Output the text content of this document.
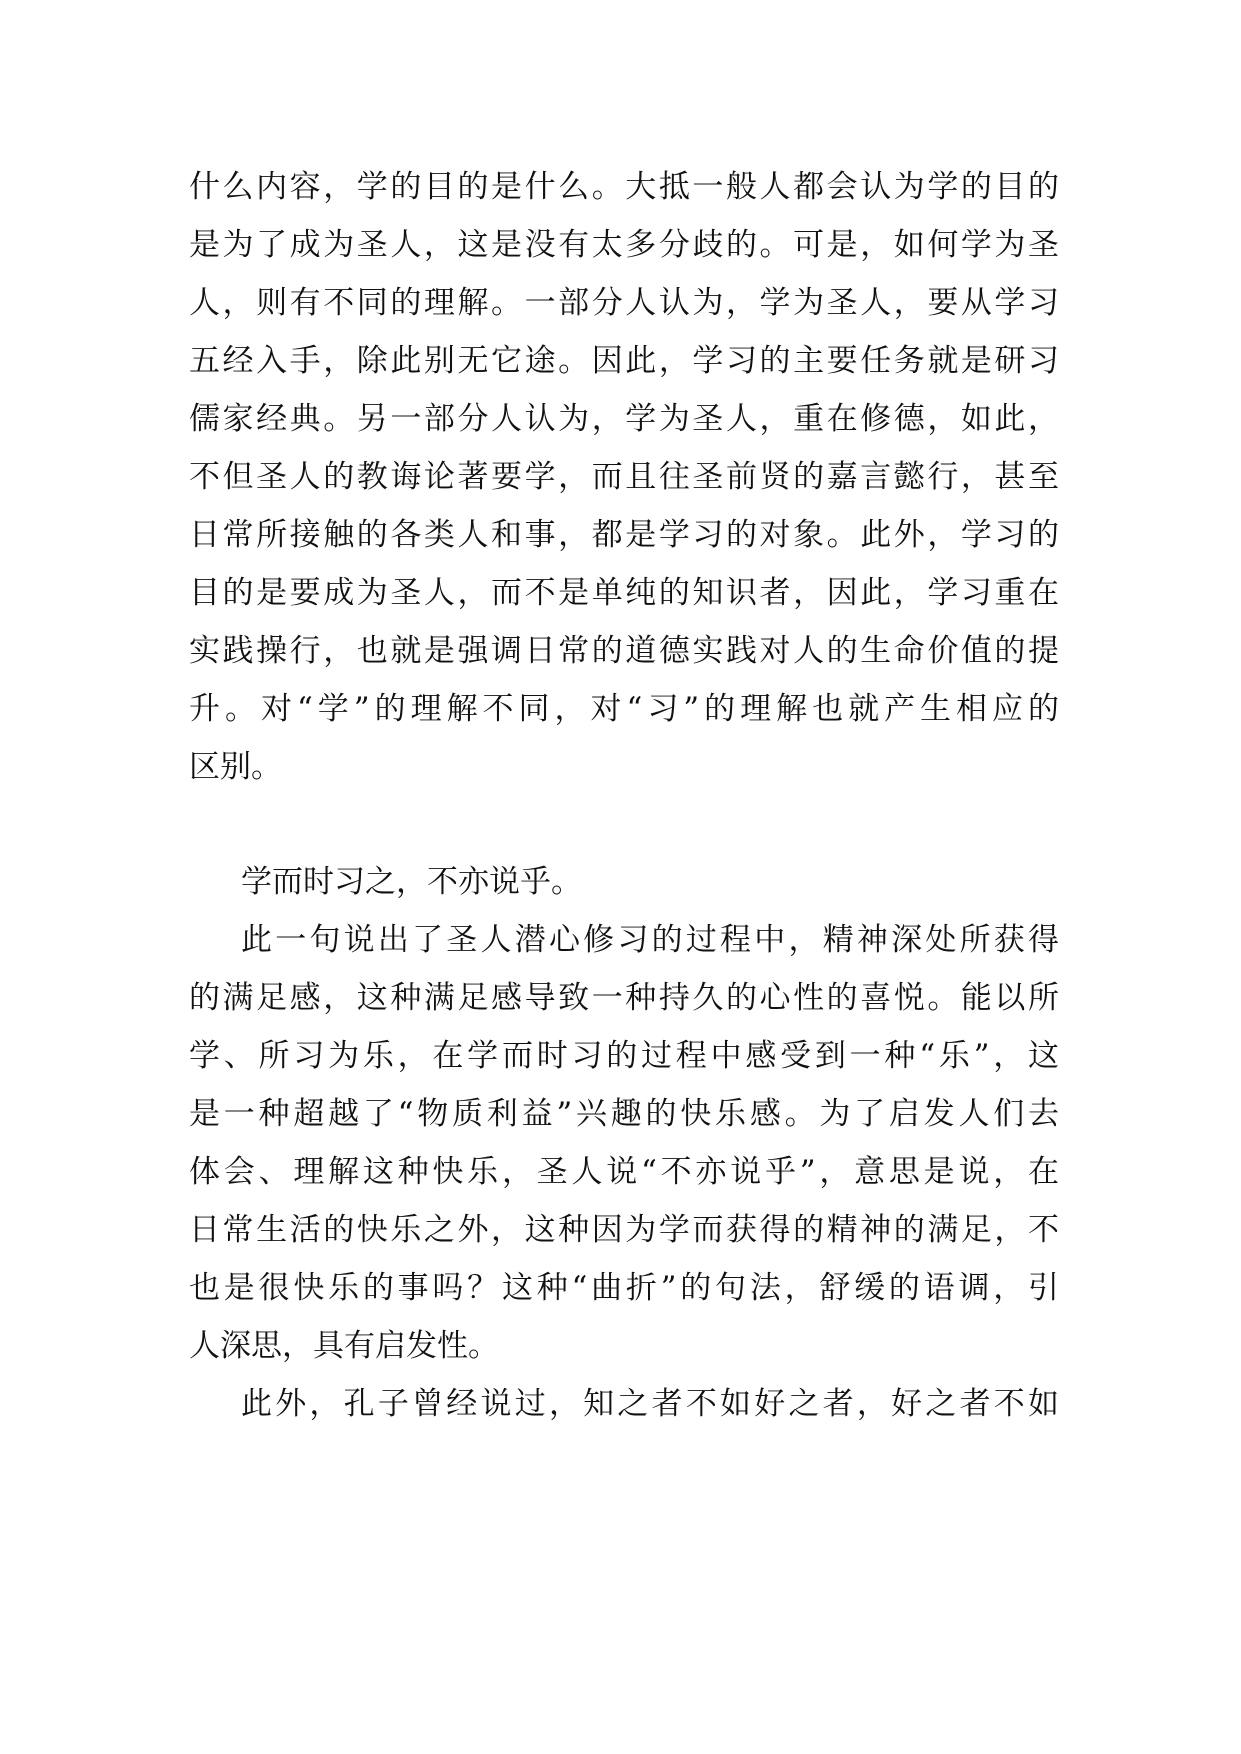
什么内容，学的目的是什么。大抵一般人都会认为学的目的
是为了成为圣人，这是没有太多分歧的。可是，如何学为圣
人，则有不同的理解。一部分人认为，学为圣人，要从学习
五经入手，除此别无它途。因此，学习的主要任务就是研习
儒家经典。另一部分人认为，学为圣人，重在修德，如此，
不但圣人的教诲论著要学，而且往圣前贤的嘉言懿行，甚至
日常所接触的各类人和事，都是学习的对象。此外，学习的
目的是要成为圣人，而不是单纯的知识者，因此，学习重在
实践操行，也就是强调日常的道德实践对人的生命价值的提
升。对“学”的理解不同，对“习”的理解也就产生相应的
区别。
学而时习之，不亦说乎。
此一句说出了圣人潜心修习的过程中，精神深处所获得
的满足感，这种满足感导致一种持久的心性的喜悦。能以所
学、所习为乐，在学而时习的过程中感受到一种“乐”，这
是一种超越了“物质利益”兴趣的快乐感。为了启发人们去
体会、理解这种快乐，圣人说“不亦说乎”，意思是说，在
日常生活的快乐之外，这种因为学而获得的精神的满足，不
也是很快乐的事吗？这种“曲折”的句法，舒缓的语调，引
人深思，具有启发性。
此外，孔子曾经说过，知之者不如好之者，好之者不如
